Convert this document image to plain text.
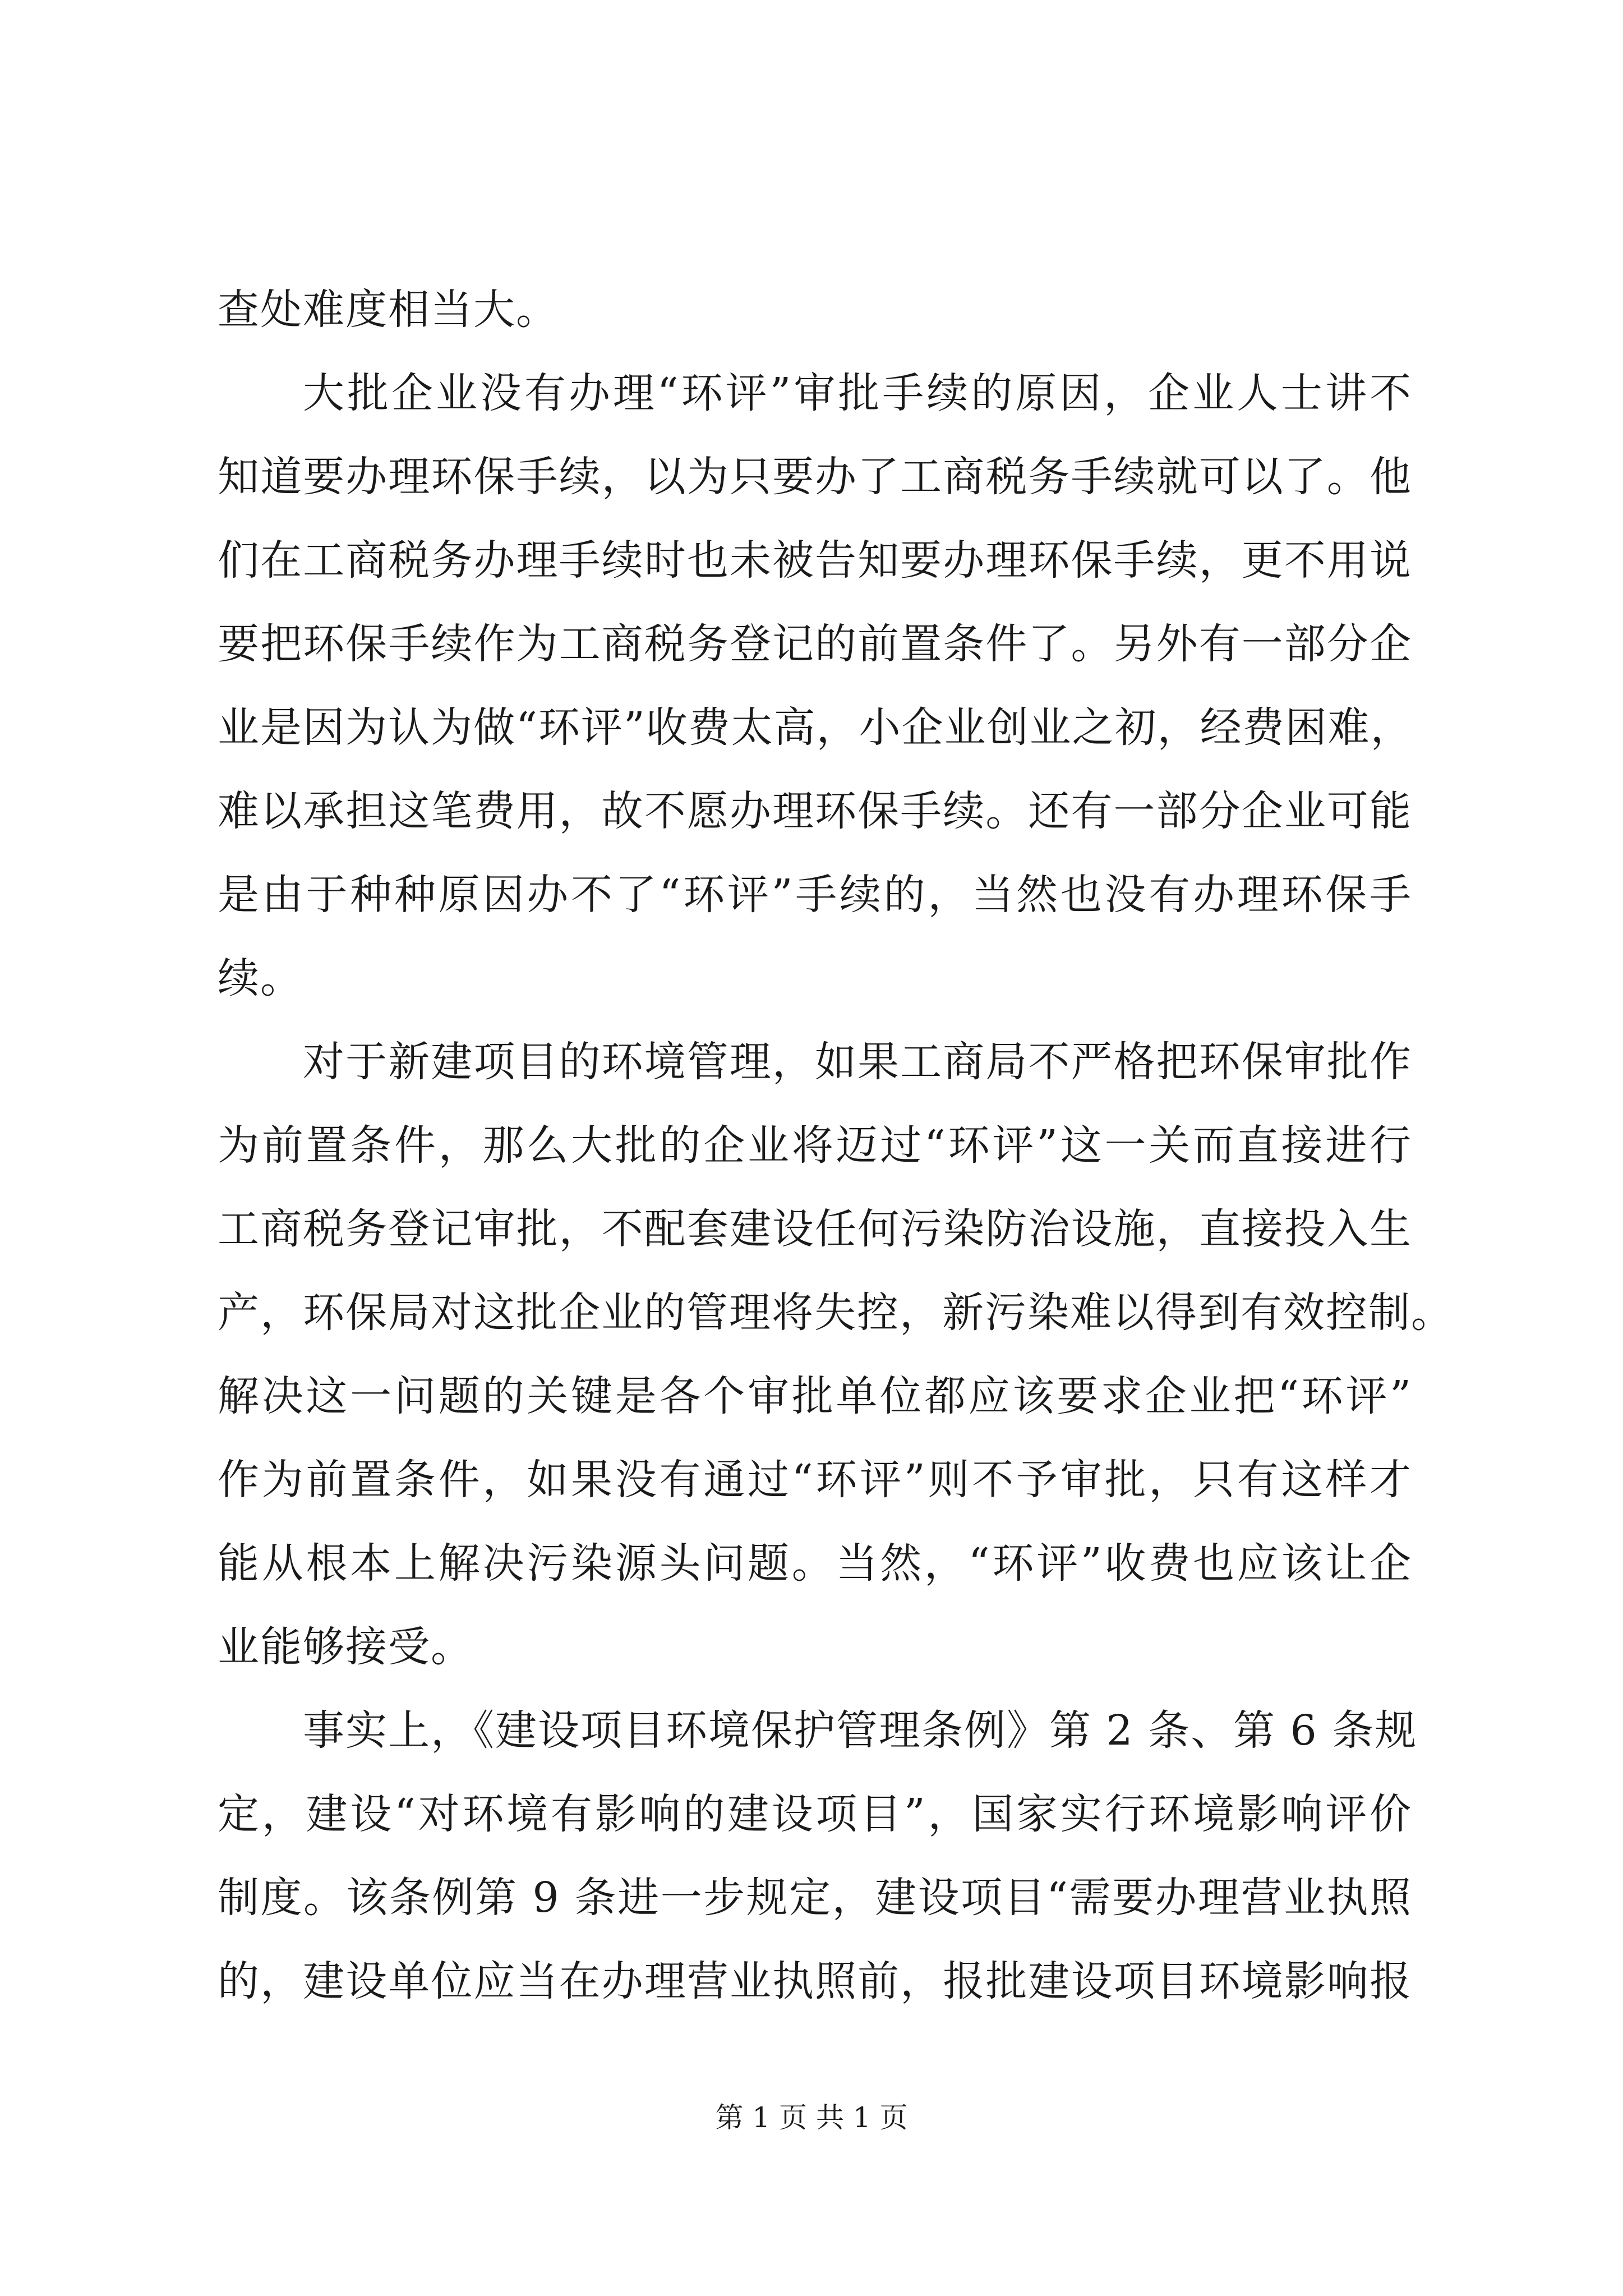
查处难度相当大。
大批企业没有办理“环评”审批手续的原因，企业人士讲不
知道要办理环保手续，以为只要办了工商税务手续就可以了。他
们在工商税务办理手续时也未被告知要办理环保手续，更不用说
要把环保手续作为工商税务登记的前置条件了。另外有一部分企
业是因为认为做“环评”收费太高，小企业创业之初，经费困难，
难以承担这笔费用，故不愿办理环保手续。还有一部分企业可能
是由于种种原因办不了“环评”手续的，当然也没有办理环保手
续。
对于新建项目的环境管理，如果工商局不严格把环保审批作
为前置条件，那么大批的企业将迈过“环评”这一关而直接进行
工商税务登记审批，不配套建设任何污染防治设施，直接投入生
产，环保局对这批企业的管理将失控，新污染难以得到有效控制。
解决这一问题的关键是各个审批单位都应该要求企业把“环评”
作为前置条件，如果没有通过“环评”则不予审批，只有这样才
能从根本上解决污染源头问题。当然，“环评”收费也应该让企
业能够接受。
事实上，《建设项目环境保护管理条例》第 2 条、第 6 条规
定，建设“对环境有影响的建设项目”，国家实行环境影响评价
制度。该条例第 9 条进一步规定，建设项目“需要办理营业执照
的，建设单位应当在办理营业执照前，报批建设项目环境影响报
第 1 页 共 1 页
